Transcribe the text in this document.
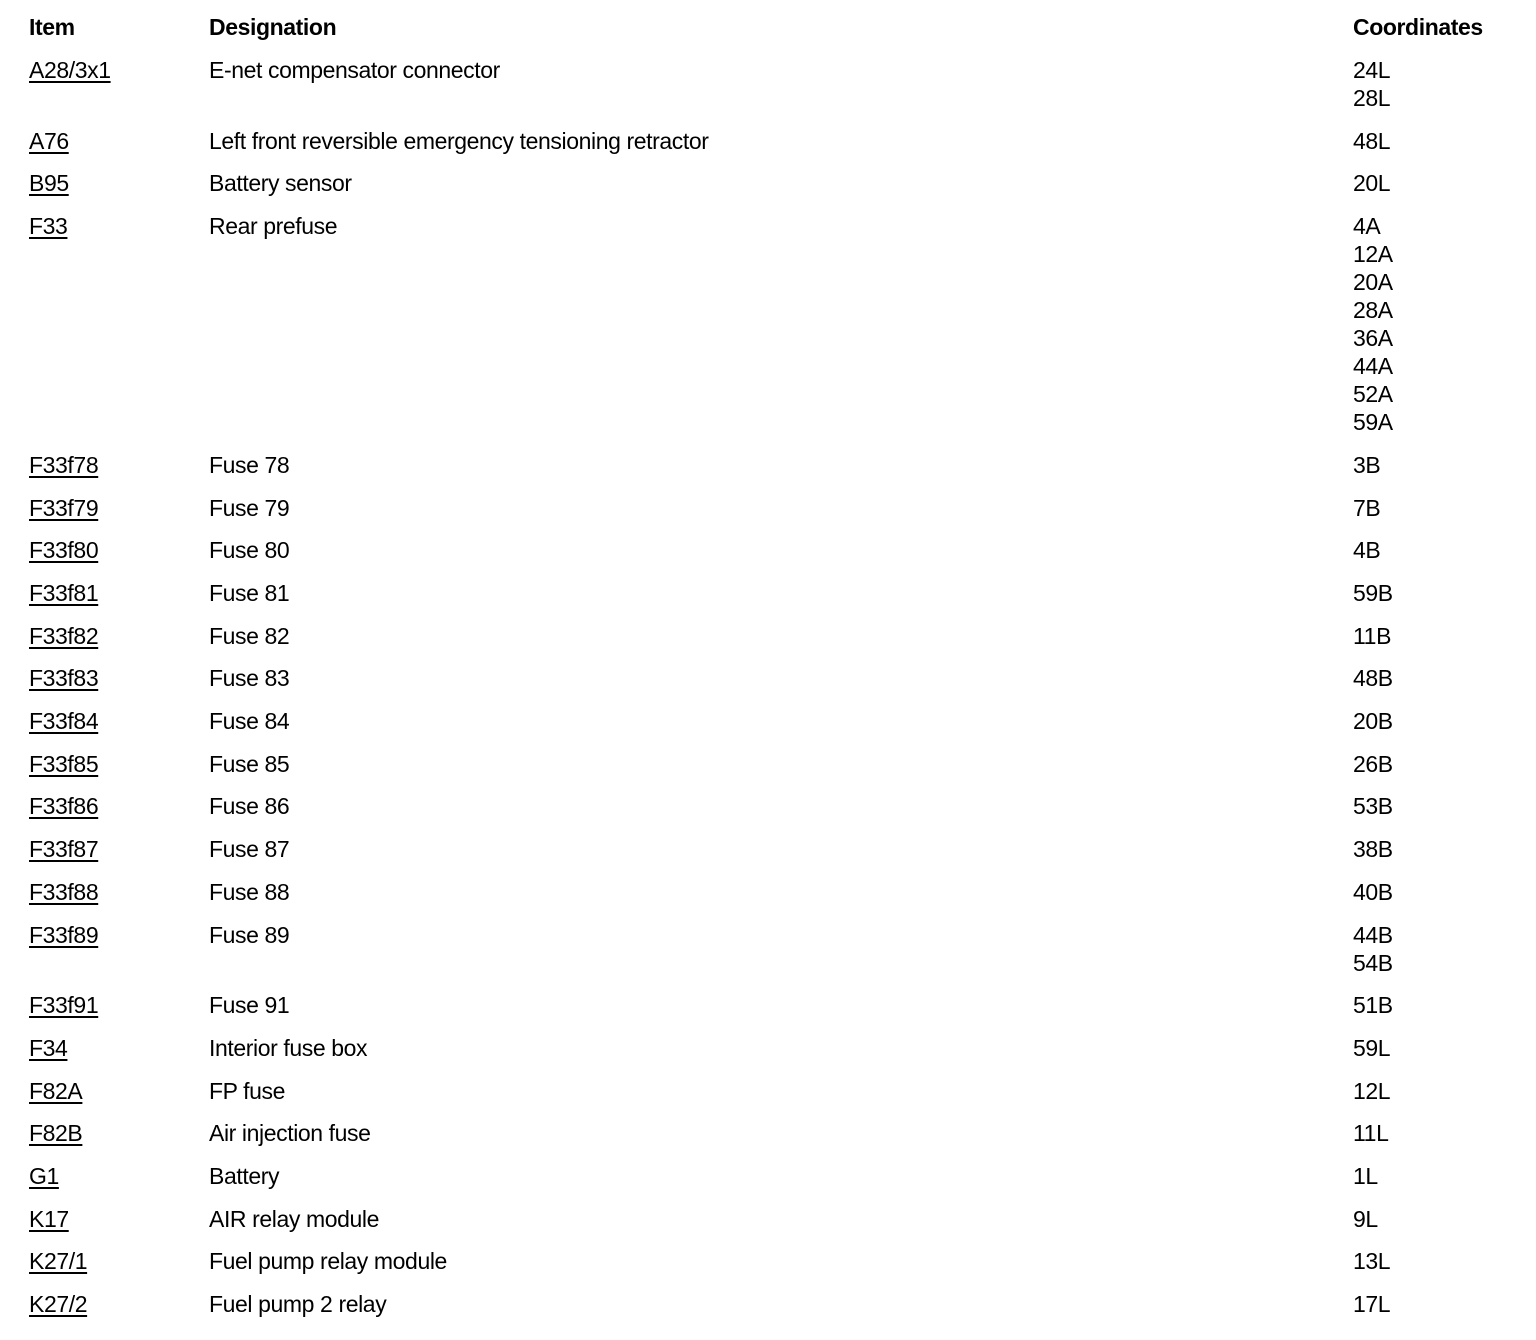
Item	Designation	Coordinates
A28/3x1	E-net compensator connector	24L
28L
A76	Left front reversible emergency tensioning retractor	48L
B95	Battery sensor	20L
F33	Rear prefuse	4A
12A
20A
28A
36A
44A
52A
59A
F33f78	Fuse 78	3B
F33f79	Fuse 79	7B
F33f80	Fuse 80	4B
F33f81	Fuse 81	59B
F33f82	Fuse 82	11B
F33f83	Fuse 83	48B
F33f84	Fuse 84	20B
F33f85	Fuse 85	26B
F33f86	Fuse 86	53B
F33f87	Fuse 87	38B
F33f88	Fuse 88	40B
F33f89	Fuse 89	44B
54B
F33f91	Fuse 91	51B
F34	Interior fuse box	59L
F82A	FP fuse	12L
F82B	Air injection fuse	11L
G1	Battery	1L
K17	AIR relay module	9L
K27/1	Fuel pump relay module	13L
K27/2	Fuel pump 2 relay	17L
